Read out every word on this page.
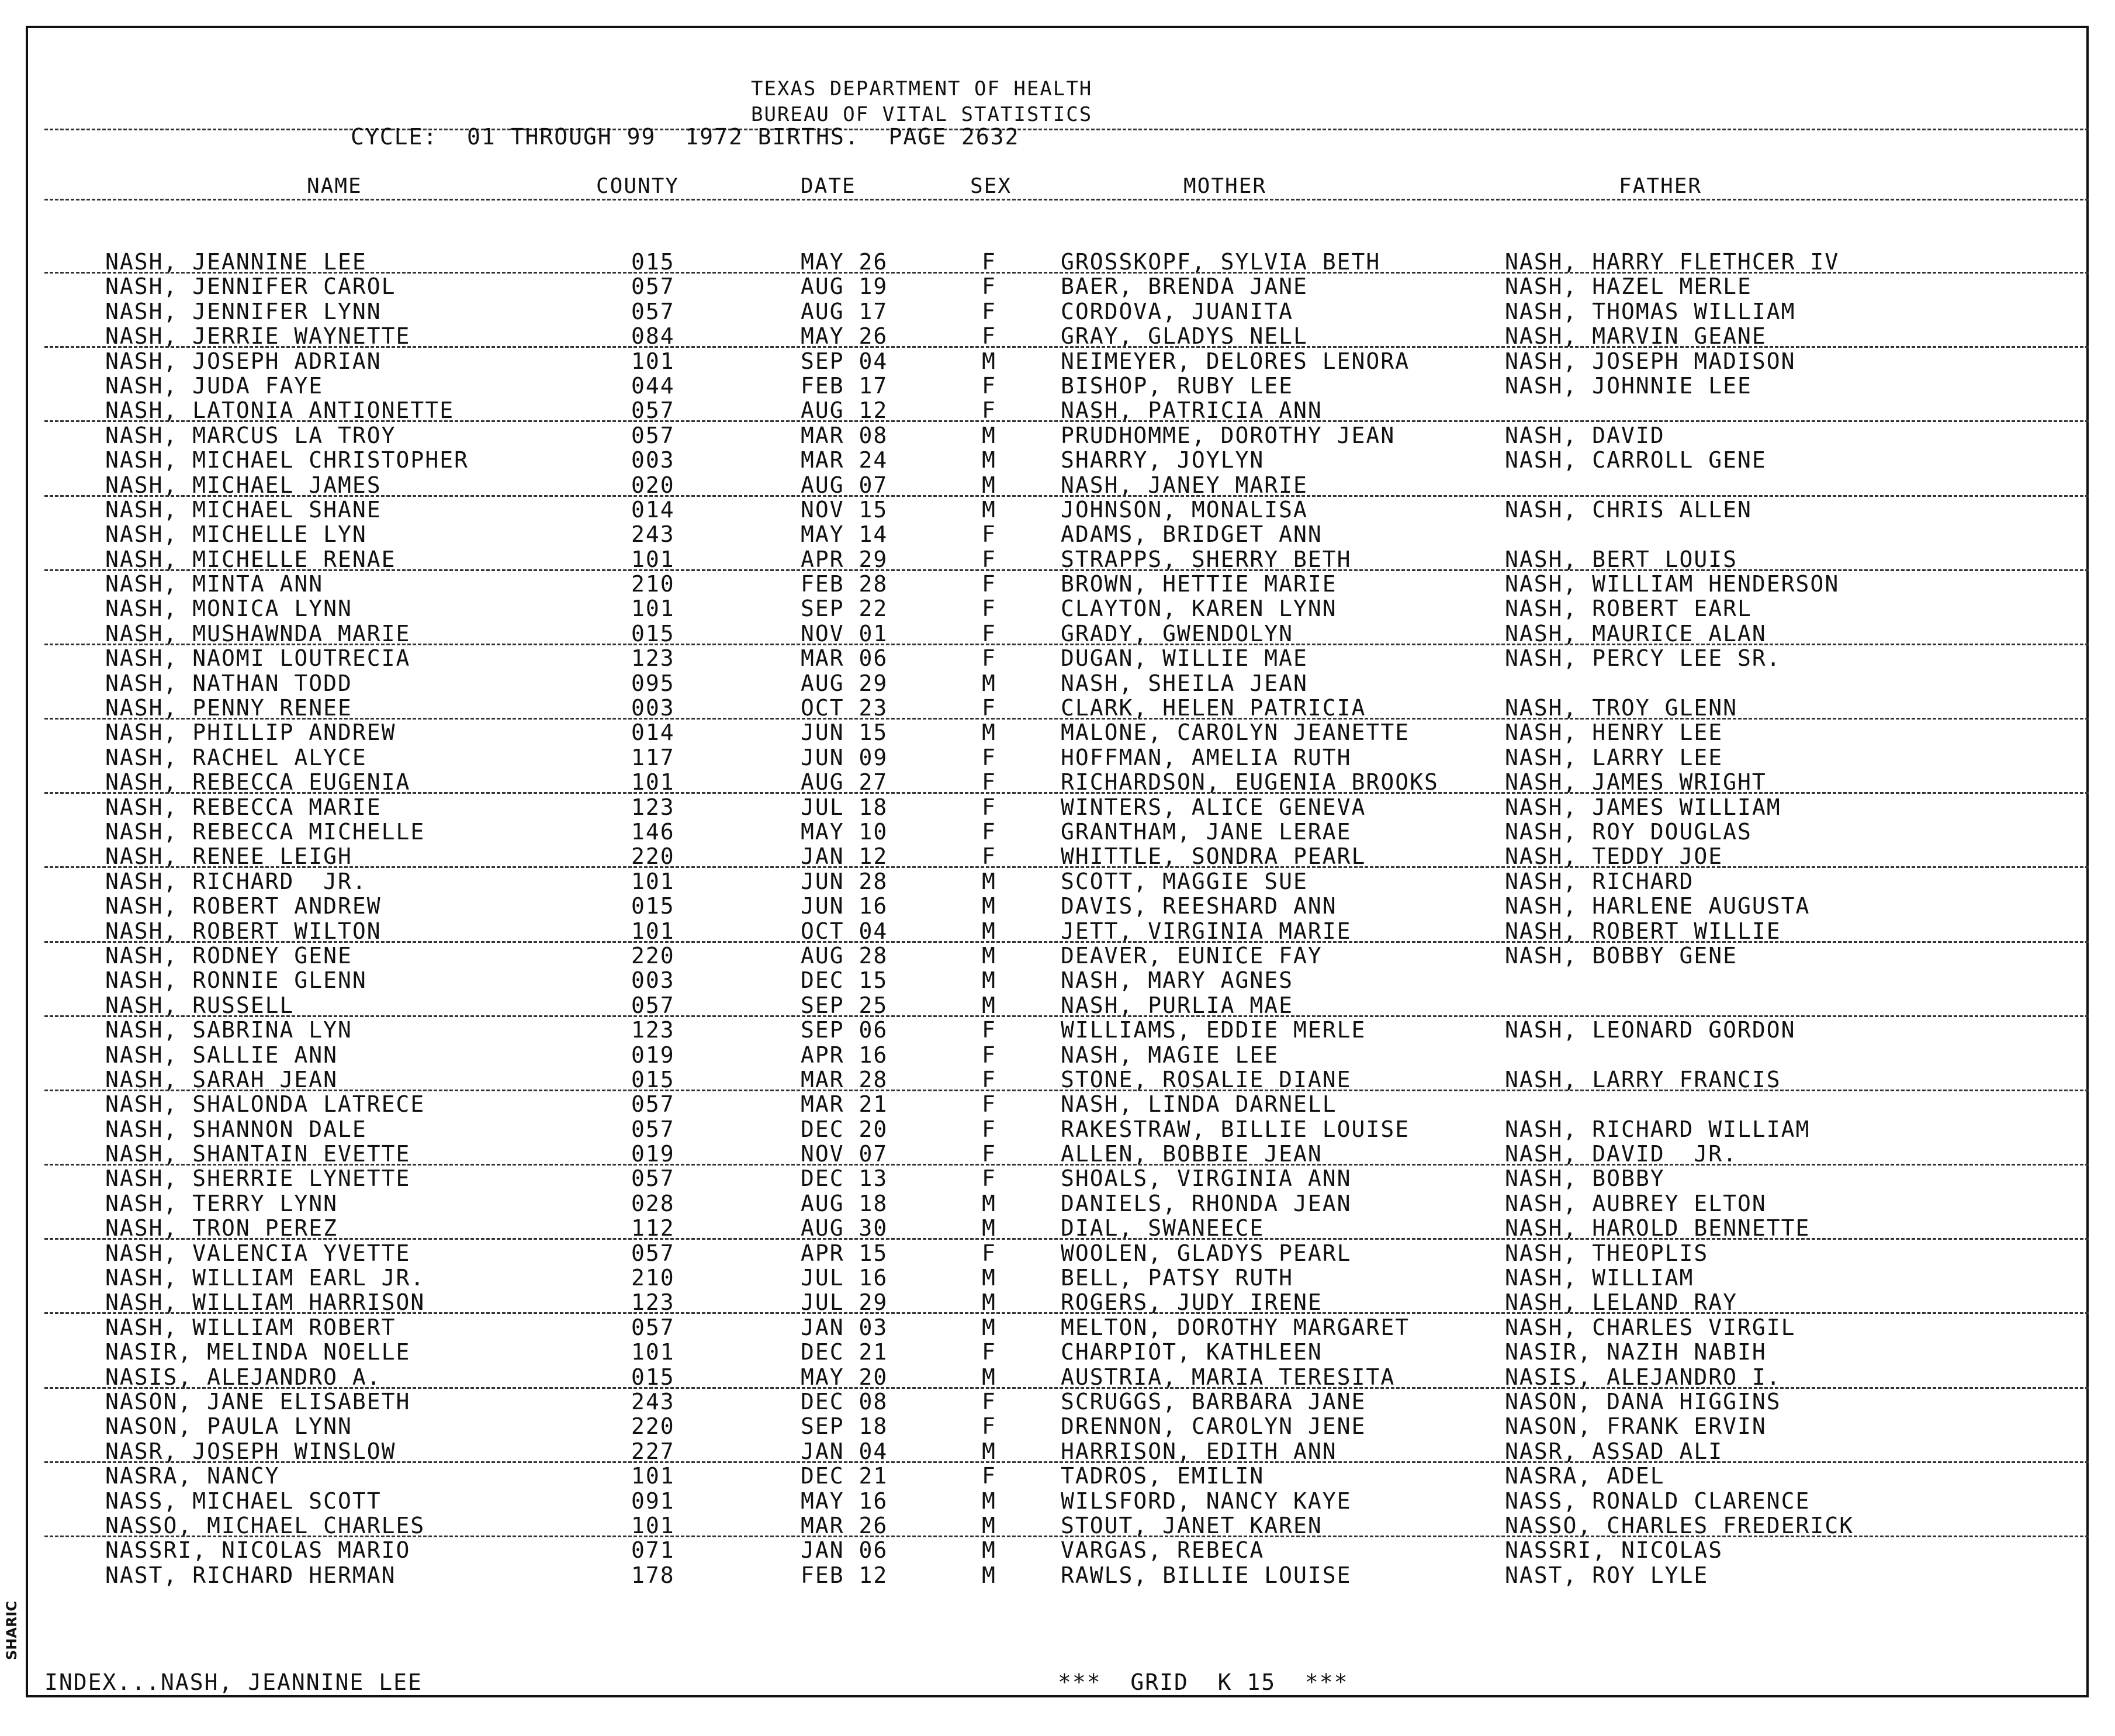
TEXAS DEPARTMENT OF HEALTH
BUREAU OF VITAL STATISTICS
CYCLE:  01 THROUGH 99  1972 BIRTHS.  PAGE 2632
NAME	COUNTY	DATE	SEX	MOTHER	FATHER
NASH, JEANNINE LEE	015	MAY 26	F	GROSSKOPF, SYLVIA BETH	NASH, HARRY FLETHCER IV
NASH, JENNIFER CAROL	057	AUG 19	F	BAER, BRENDA JANE	NASH, HAZEL MERLE
NASH, JENNIFER LYNN	057	AUG 17	F	CORDOVA, JUANITA	NASH, THOMAS WILLIAM
NASH, JERRIE WAYNETTE	084	MAY 26	F	GRAY, GLADYS NELL	NASH, MARVIN GEANE
NASH, JOSEPH ADRIAN	101	SEP 04	M	NEIMEYER, DELORES LENORA	NASH, JOSEPH MADISON
NASH, JUDA FAYE	044	FEB 17	F	BISHOP, RUBY LEE	NASH, JOHNNIE LEE
NASH, LATONIA ANTIONETTE	057	AUG 12	F	NASH, PATRICIA ANN
NASH, MARCUS LA TROY	057	MAR 08	M	PRUDHOMME, DOROTHY JEAN	NASH, DAVID
NASH, MICHAEL CHRISTOPHER	003	MAR 24	M	SHARRY, JOYLYN	NASH, CARROLL GENE
NASH, MICHAEL JAMES	020	AUG 07	M	NASH, JANEY MARIE
NASH, MICHAEL SHANE	014	NOV 15	M	JOHNSON, MONALISA	NASH, CHRIS ALLEN
NASH, MICHELLE LYN	243	MAY 14	F	ADAMS, BRIDGET ANN
NASH, MICHELLE RENAE	101	APR 29	F	STRAPPS, SHERRY BETH	NASH, BERT LOUIS
NASH, MINTA ANN	210	FEB 28	F	BROWN, HETTIE MARIE	NASH, WILLIAM HENDERSON
NASH, MONICA LYNN	101	SEP 22	F	CLAYTON, KAREN LYNN	NASH, ROBERT EARL
NASH, MUSHAWNDA MARIE	015	NOV 01	F	GRADY, GWENDOLYN	NASH, MAURICE ALAN
NASH, NAOMI LOUTRECIA	123	MAR 06	F	DUGAN, WILLIE MAE	NASH, PERCY LEE SR.
NASH, NATHAN TODD	095	AUG 29	M	NASH, SHEILA JEAN
NASH, PENNY RENEE	003	OCT 23	F	CLARK, HELEN PATRICIA	NASH, TROY GLENN
NASH, PHILLIP ANDREW	014	JUN 15	M	MALONE, CAROLYN JEANETTE	NASH, HENRY LEE
NASH, RACHEL ALYCE	117	JUN 09	F	HOFFMAN, AMELIA RUTH	NASH, LARRY LEE
NASH, REBECCA EUGENIA	101	AUG 27	F	RICHARDSON, EUGENIA BROOKS	NASH, JAMES WRIGHT
NASH, REBECCA MARIE	123	JUL 18	F	WINTERS, ALICE GENEVA	NASH, JAMES WILLIAM
NASH, REBECCA MICHELLE	146	MAY 10	F	GRANTHAM, JANE LERAE	NASH, ROY DOUGLAS
NASH, RENEE LEIGH	220	JAN 12	F	WHITTLE, SONDRA PEARL	NASH, TEDDY JOE
NASH, RICHARD  JR.	101	JUN 28	M	SCOTT, MAGGIE SUE	NASH, RICHARD
NASH, ROBERT ANDREW	015	JUN 16	M	DAVIS, REESHARD ANN	NASH, HARLENE AUGUSTA
NASH, ROBERT WILTON	101	OCT 04	M	JETT, VIRGINIA MARIE	NASH, ROBERT WILLIE
NASH, RODNEY GENE	220	AUG 28	M	DEAVER, EUNICE FAY	NASH, BOBBY GENE
NASH, RONNIE GLENN	003	DEC 15	M	NASH, MARY AGNES
NASH, RUSSELL	057	SEP 25	M	NASH, PURLIA MAE
NASH, SABRINA LYN	123	SEP 06	F	WILLIAMS, EDDIE MERLE	NASH, LEONARD GORDON
NASH, SALLIE ANN	019	APR 16	F	NASH, MAGIE LEE
NASH, SARAH JEAN	015	MAR 28	F	STONE, ROSALIE DIANE	NASH, LARRY FRANCIS
NASH, SHALONDA LATRECE	057	MAR 21	F	NASH, LINDA DARNELL
NASH, SHANNON DALE	057	DEC 20	F	RAKESTRAW, BILLIE LOUISE	NASH, RICHARD WILLIAM
NASH, SHANTAIN EVETTE	019	NOV 07	F	ALLEN, BOBBIE JEAN	NASH, DAVID  JR.
NASH, SHERRIE LYNETTE	057	DEC 13	F	SHOALS, VIRGINIA ANN	NASH, BOBBY
NASH, TERRY LYNN	028	AUG 18	M	DANIELS, RHONDA JEAN	NASH, AUBREY ELTON
NASH, TRON PEREZ	112	AUG 30	M	DIAL, SWANEECE	NASH, HAROLD BENNETTE
NASH, VALENCIA YVETTE	057	APR 15	F	WOOLEN, GLADYS PEARL	NASH, THEOPLIS
NASH, WILLIAM EARL JR.	210	JUL 16	M	BELL, PATSY RUTH	NASH, WILLIAM
NASH, WILLIAM HARRISON	123	JUL 29	M	ROGERS, JUDY IRENE	NASH, LELAND RAY
NASH, WILLIAM ROBERT	057	JAN 03	M	MELTON, DOROTHY MARGARET	NASH, CHARLES VIRGIL
NASIR, MELINDA NOELLE	101	DEC 21	F	CHARPIOT, KATHLEEN	NASIR, NAZIH NABIH
NASIS, ALEJANDRO A.	015	MAY 20	M	AUSTRIA, MARIA TERESITA	NASIS, ALEJANDRO I.
NASON, JANE ELISABETH	243	DEC 08	F	SCRUGGS, BARBARA JANE	NASON, DANA HIGGINS
NASON, PAULA LYNN	220	SEP 18	F	DRENNON, CAROLYN JENE	NASON, FRANK ERVIN
NASR, JOSEPH WINSLOW	227	JAN 04	M	HARRISON, EDITH ANN	NASR, ASSAD ALI
NASRA, NANCY	101	DEC 21	F	TADROS, EMILIN	NASRA, ADEL
NASS, MICHAEL SCOTT	091	MAY 16	M	WILSFORD, NANCY KAYE	NASS, RONALD CLARENCE
NASSO, MICHAEL CHARLES	101	MAR 26	M	STOUT, JANET KAREN	NASSO, CHARLES FREDERICK
NASSRI, NICOLAS MARIO	071	JAN 06	M	VARGAS, REBECA	NASSRI, NICOLAS
NAST, RICHARD HERMAN	178	FEB 12	M	RAWLS, BILLIE LOUISE	NAST, ROY LYLE
INDEX...NASH, JEANNINE LEE	***  GRID  K 15  ***
SHARIC
